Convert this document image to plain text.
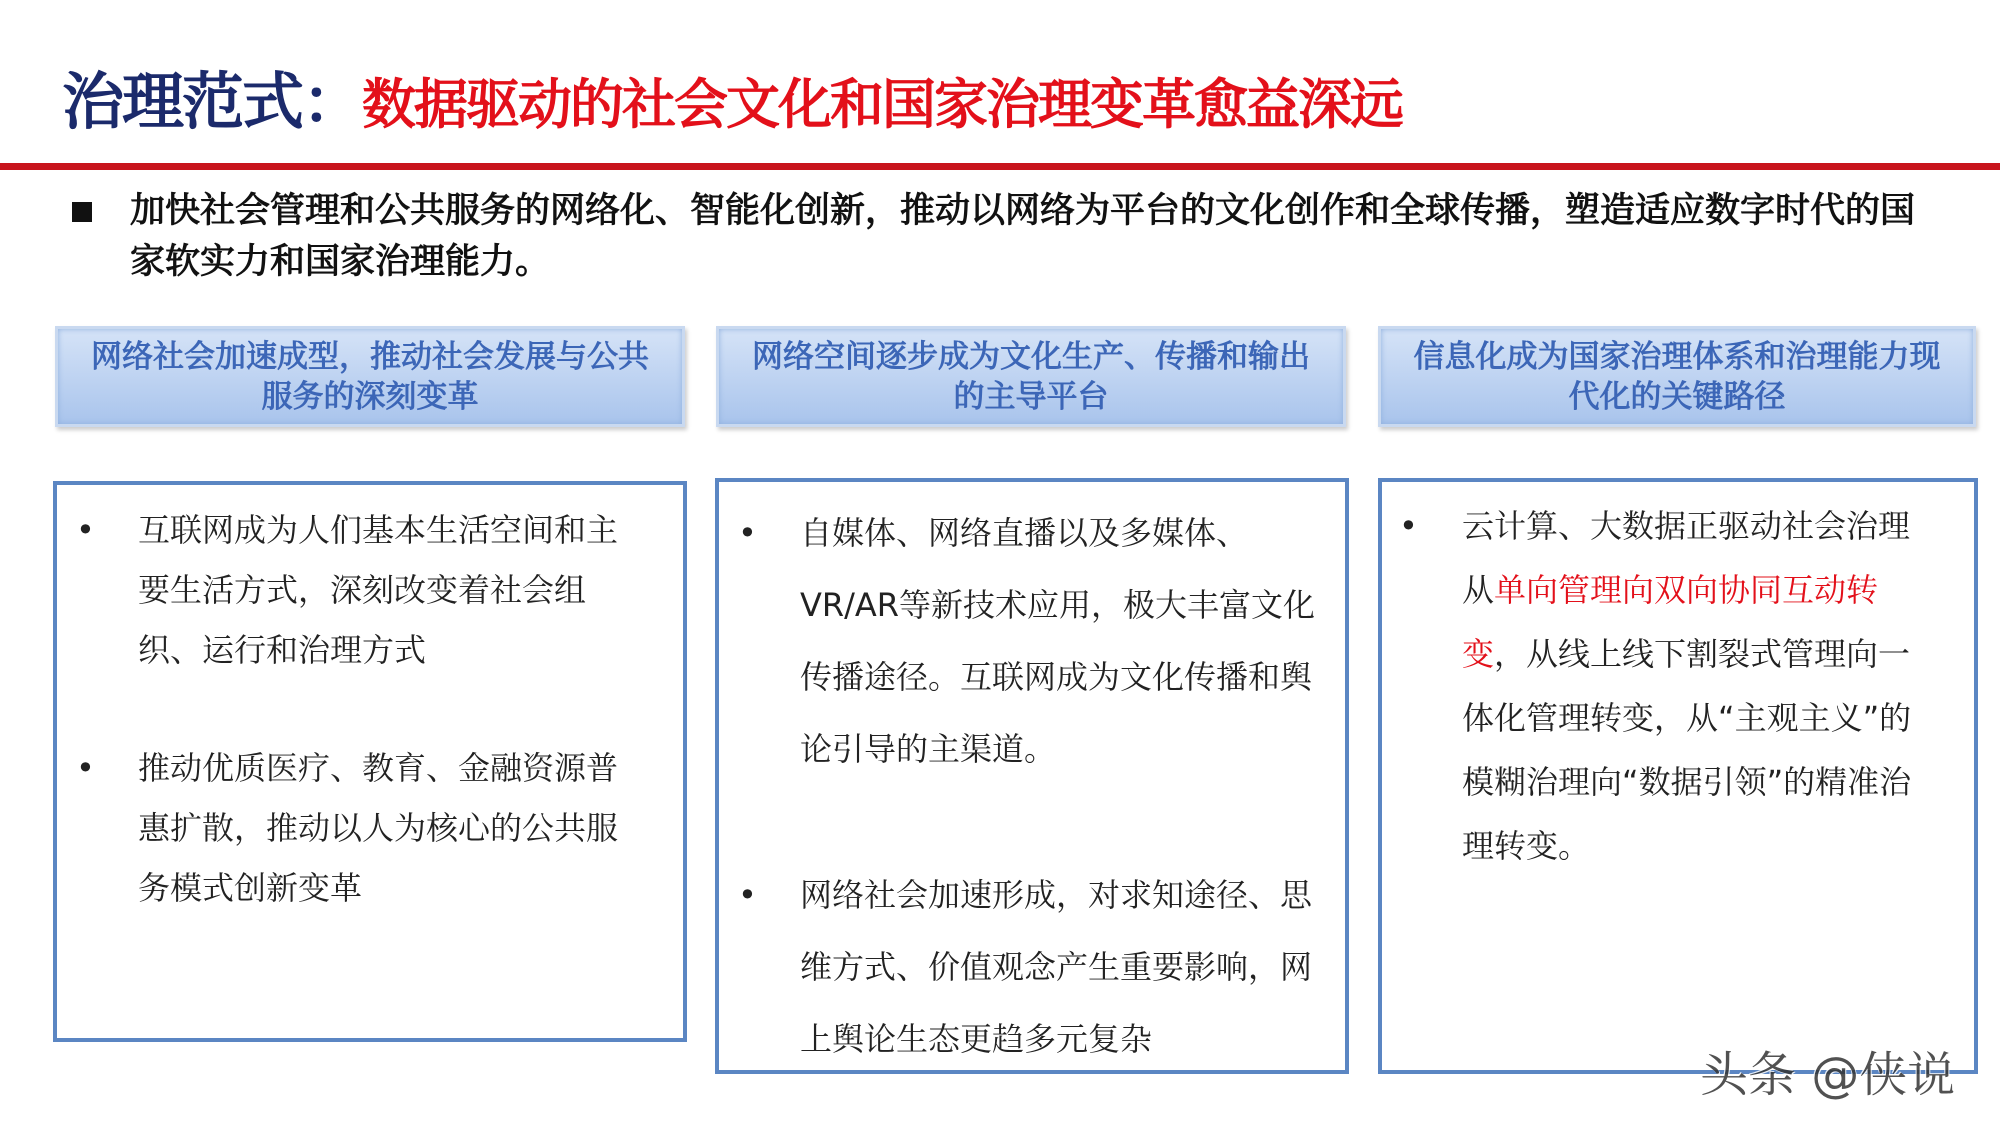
治理范式：数据驱动的社会文化和国家治理变革愈益深远
加快社会管理和公共服务的网络化、智能化创新，推动以网络为平台的文化创作和全球传播，塑造适应数字时代的国家软实力和国家治理能力。
网络社会加速成型，推动社会发展与公共服务的深刻变革
网络空间逐步成为文化生产、传播和输出的主导平台
信息化成为国家治理体系和治理能力现代化的关键路径
• 互联网成为人们基本生活空间和主要生活方式，深刻改变着社会组织、运行和治理方式
• 推动优质医疗、教育、金融资源普惠扩散，推动以人为核心的公共服务模式创新变革
• 自媒体、网络直播以及多媒体、VR/AR等新技术应用，极大丰富文化传播途径。互联网成为文化传播和舆论引导的主渠道。
• 网络社会加速形成，对求知途径、思维方式、价值观念产生重要影响，网上舆论生态更趋多元复杂
• 云计算、大数据正驱动社会治理从单向管理向双向协同互动转变，从线上线下割裂式管理向一体化管理转变，从“主观主义”的模糊治理向“数据引领”的精准治理转变。
头条 @侠说
